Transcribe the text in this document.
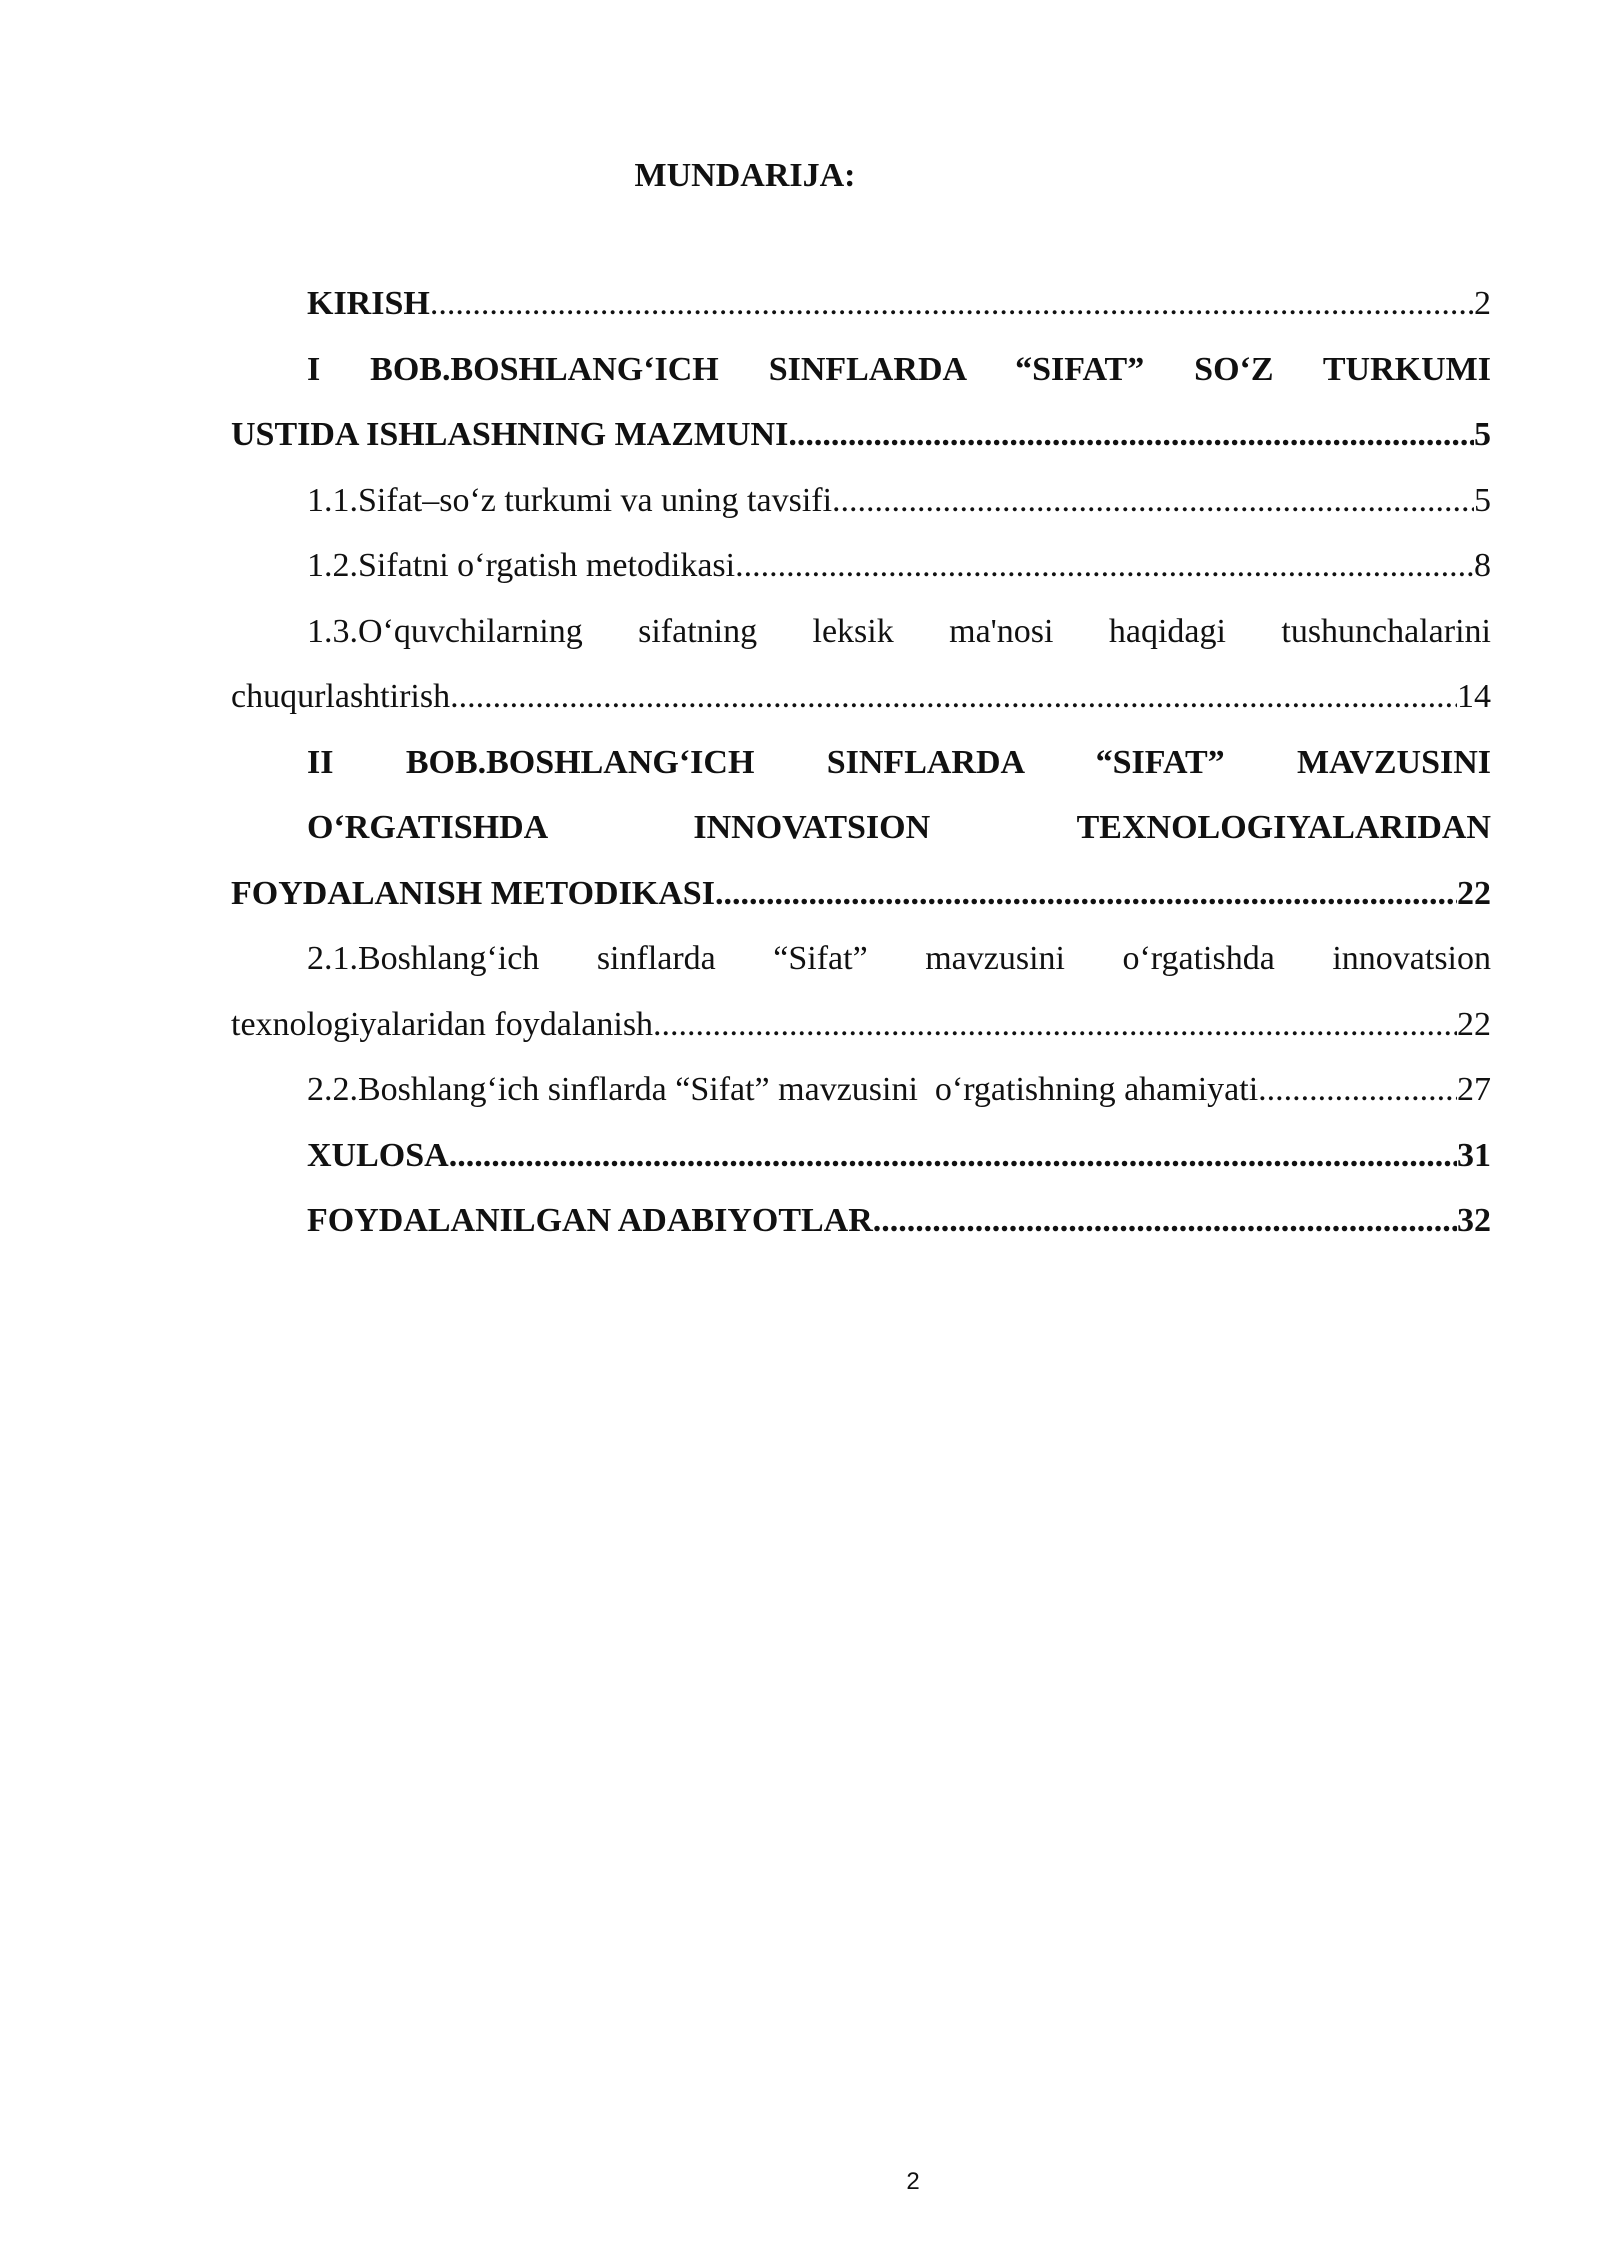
MUNDARIJA:
KIRISH .....	2
I BOB.BOSHLANG‘ICH SINFLARDA “SIFAT” SO‘Z TURKUMI
USTIDA ISHLASHNING MAZMUNI .....	5
1.1.Sifat–so‘z turkumi va uning tavsifi .....	5
1.2.Sifatni o‘rgatish metodikasi .....	8
1.3.O‘quvchilarning sifatning leksik ma'nosi haqidagi tushunchalarini
chuqurlashtirish .....	14
II BOB.BOSHLANG‘ICH SINFLARDA “SIFAT” MAVZUSINI
O‘RGATISHDA INNOVATSION TEXNOLOGIYALARIDAN
FOYDALANISH METODIKASI .....	22
2.1.Boshlang‘ich sinflarda “Sifat” mavzusini o‘rgatishda innovatsion
texnologiyalaridan foydalanish .....	22
2.2.Boshlang‘ich sinflarda “Sifat” mavzusini  o‘rgatishning ahamiyati .....	27
XULOSA .....	31
FOYDALANILGAN ADABIYOTLAR .....	32
2
